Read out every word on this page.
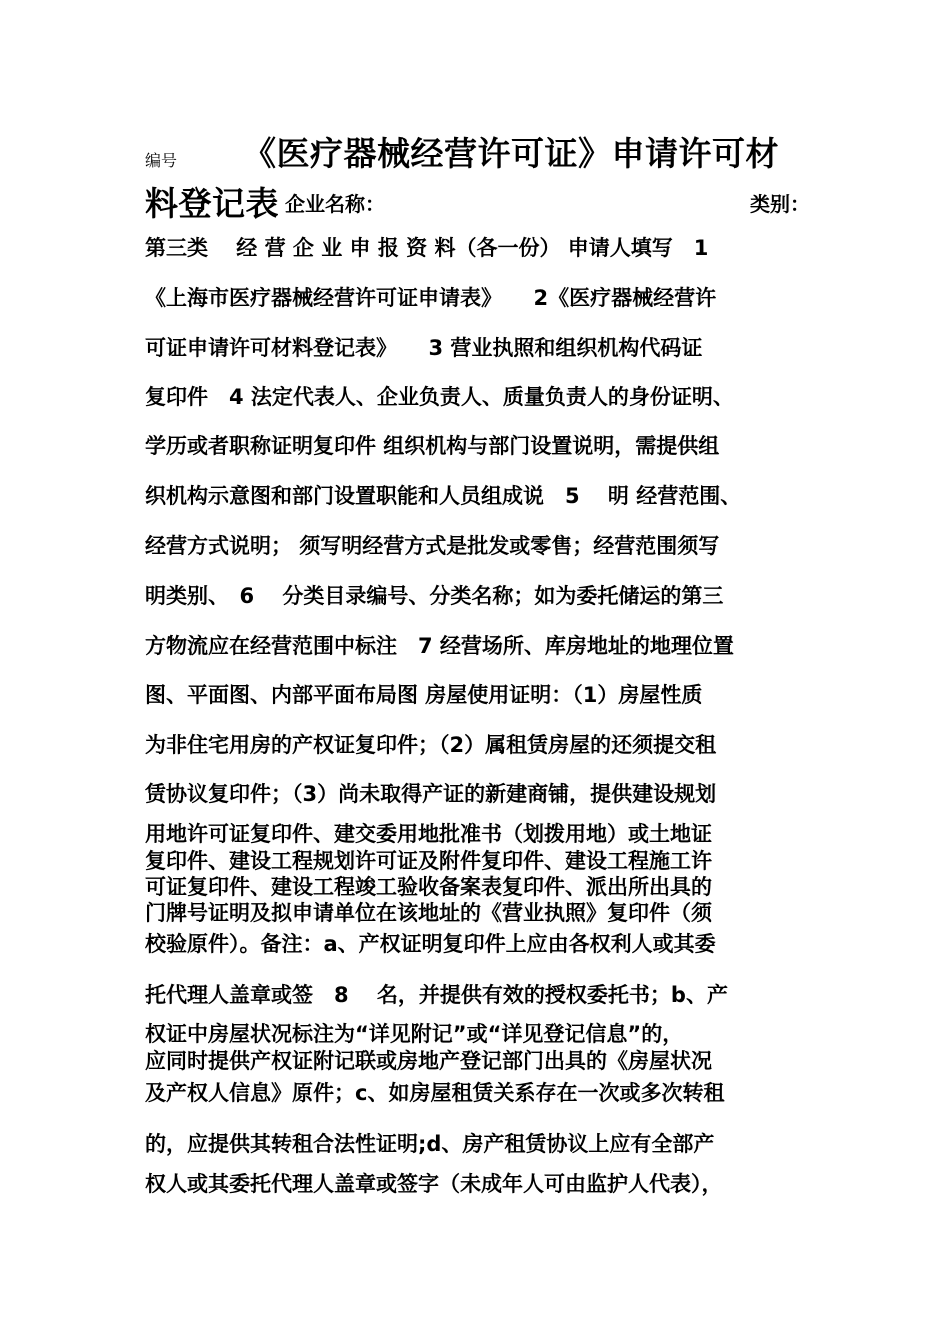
编号 《医疗器械经营许可证》申请许可材
料登记表 企业名称：	类别：
第三类　 经 营 企 业 申 报 资 料（各一份） 申请人填写　1
《上海市医疗器械经营许可证申请表》　　2《医疗器械经营许
可证申请许可材料登记表》　　3 营业执照和组织机构代码证
复印件　4 法定代表人、企业负责人、质量负责人的身份证明、
学历或者职称证明复印件 组织机构与部门设置说明，需提供组
织机构示意图和部门设置职能和人员组成说　5　 明 经营范围、
经营方式说明； 须写明经营方式是批发或零售；经营范围须写
明类别、　6　 分类目录编号、分类名称；如为委托储运的第三
方物流应在经营范围中标注　7 经营场所、库房地址的地理位置
图、平面图、内部平面布局图 房屋使用证明：（1）房屋性质
为非住宅用房的产权证复印件；（2）属租赁房屋的还须提交租
赁协议复印件；（3）尚未取得产证的新建商铺，提供建设规划
用地许可证复印件、建交委用地批准书（划拨用地）或土地证
复印件、建设工程规划许可证及附件复印件、建设工程施工许
可证复印件、建设工程竣工验收备案表复印件、派出所出具的
门牌号证明及拟申请单位在该地址的《营业执照》复印件（须
校验原件）。备注：a、产权证明复印件上应由各权利人或其委
托代理人盖章或签　8　 名，并提供有效的授权委托书；b、产
权证中房屋状况标注为“详见附记”或“详见登记信息”的，
应同时提供产权证附记联或房地产登记部门出具的《房屋状况
及产权人信息》原件；c、如房屋租赁关系存在一次或多次转租
的，应提供其转租合法性证明;d、房产租赁协议上应有全部产
权人或其委托代理人盖章或签字（未成年人可由监护人代表），
